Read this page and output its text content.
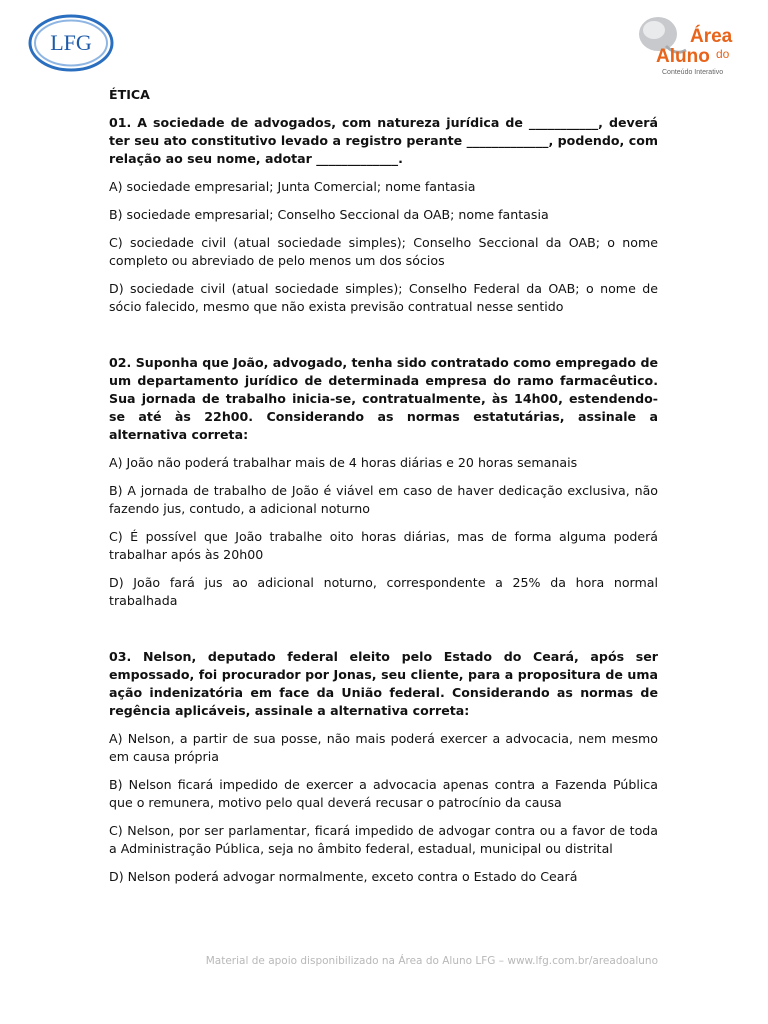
LFG	Área
Aluno do
Conteúdo Interativo
ÉTICA
01. A sociedade de advogados, com natureza jurídica de ___________, deverá ter seu ato constitutivo levado a registro perante _____________, podendo, com relação ao seu nome, adotar _____________.
A) sociedade empresarial; Junta Comercial; nome fantasia
B) sociedade empresarial; Conselho Seccional da OAB; nome fantasia
C) sociedade civil (atual sociedade simples); Conselho Seccional da OAB; o nome completo ou abreviado de pelo menos um dos sócios
D) sociedade civil (atual sociedade simples); Conselho Federal da OAB; o nome de sócio falecido, mesmo que não exista previsão contratual nesse sentido
02. Suponha que João, advogado, tenha sido contratado como empregado de um departamento jurídico de determinada empresa do ramo farmacêutico. Sua jornada de trabalho inicia-se, contratualmente, às 14h00, estendendo-se até às 22h00. Considerando as normas estatutárias, assinale a alternativa correta:
A) João não poderá trabalhar mais de 4 horas diárias e 20 horas semanais
B) A jornada de trabalho de João é viável em caso de haver dedicação exclusiva, não fazendo jus, contudo, a adicional noturno
C) É possível que João trabalhe oito horas diárias, mas de forma alguma poderá trabalhar após às 20h00
D) João fará jus ao adicional noturno, correspondente a 25% da hora normal trabalhada
03. Nelson, deputado federal eleito pelo Estado do Ceará, após ser empossado, foi procurador por Jonas, seu cliente, para a propositura de uma ação indenizatória em face da União federal. Considerando as normas de regência aplicáveis, assinale a alternativa correta:
A) Nelson, a partir de sua posse, não mais poderá exercer a advocacia, nem mesmo em causa própria
B) Nelson ficará impedido de exercer a advocacia apenas contra a Fazenda Pública que o remunera, motivo pelo qual deverá recusar o patrocínio da causa
C) Nelson, por ser parlamentar, ficará impedido de advogar contra ou a favor de toda a Administração Pública, seja no âmbito federal, estadual, municipal ou distrital
D) Nelson poderá advogar normalmente, exceto contra o Estado do Ceará
Material de apoio disponibilizado na Área do Aluno LFG – www.lfg.com.br/areadoaluno
